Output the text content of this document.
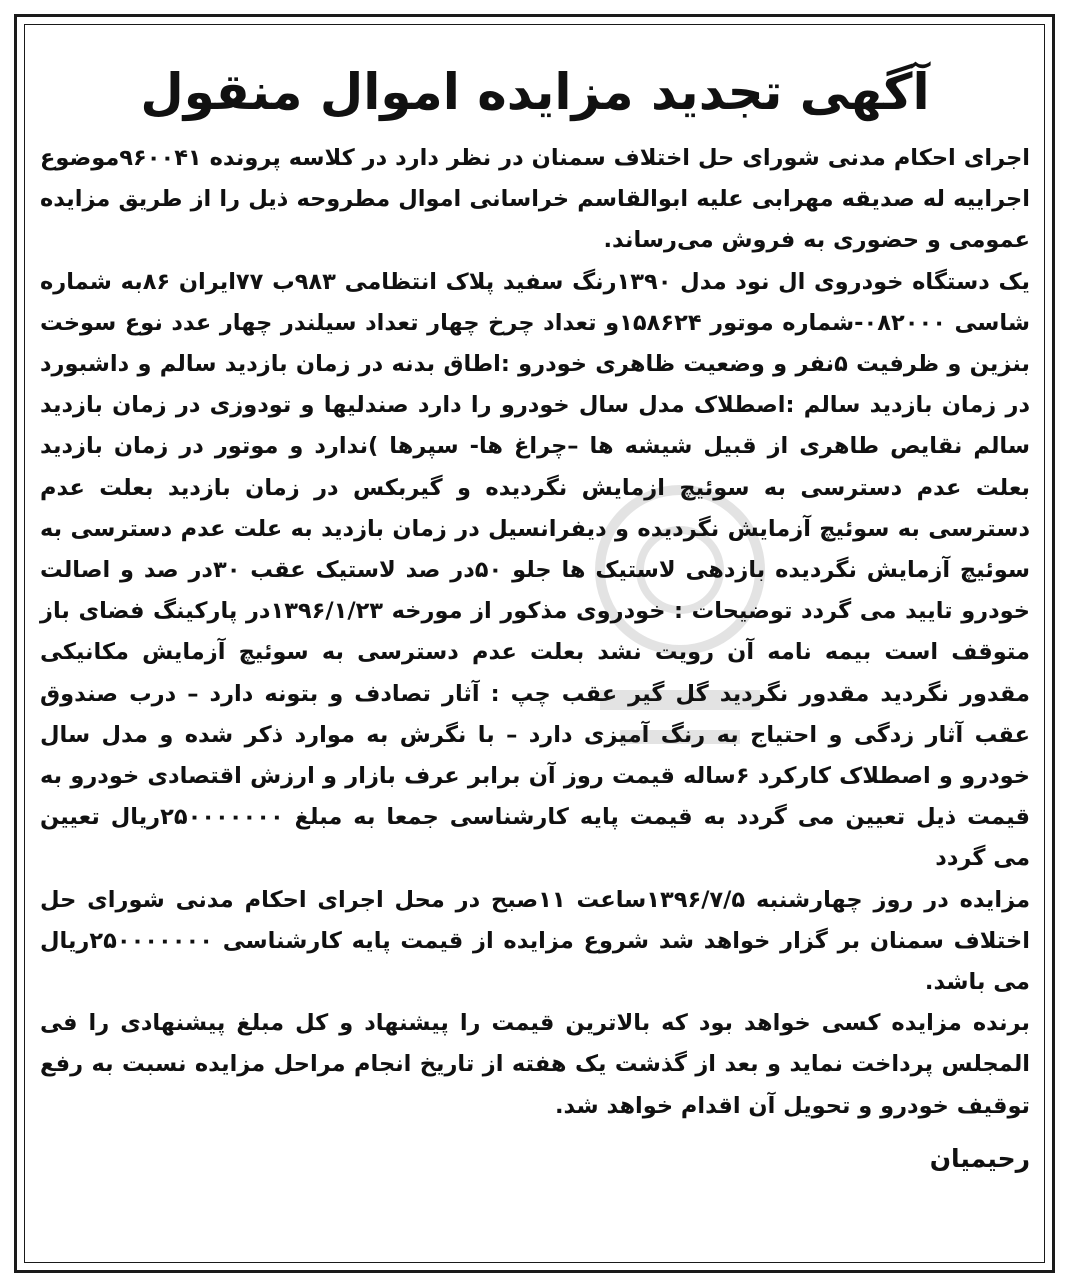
آگهی تجدید مزایده اموال منقول

اجرای احکام مدنی شورای حل اختلاف سمنان در نظر دارد در کلاسه پرونده ۹۶۰۰۴۱موضوع اجراییه له صدیقه مهرابی علیه ابوالقاسم خراسانی اموال مطروحه ذیل را از طریق مزایده عمومی و حضوری به فروش می‌رساند.

یک دستگاه خودروی ال نود مدل ۱۳۹۰رنگ سفید پلاک انتظامی ۹۸۳ب ۷۷ایران ۸۶به شماره شاسی ۰۸۲۰۰۰-شماره موتور ۱۵۸۶۲۴و تعداد چرخ چهار تعداد سیلندر چهار عدد نوع سوخت بنزین و ظرفیت ۵نفر و وضعیت ظاهری خودرو :اطاق بدنه در زمان بازدید سالم و داشبورد در زمان بازدید سالم :اصطلاک مدل سال خودرو را دارد صندلیها و تودوزی در زمان بازدید سالم نقایص طاهری از قبیل شیشه ها –چراغ ها- سپرها )ندارد و موتور در زمان بازدید بعلت عدم دسترسی به سوئیچ ازمایش نگردیده و گیربکس در زمان بازدید بعلت عدم دسترسی به سوئیچ آزمایش نگردیده و دیفرانسیل در زمان بازدید به علت عدم دسترسی به سوئیچ آزمایش نگردیده بازدهی لاستیک ها جلو ۵۰در صد لاستیک عقب ۳۰در صد و اصالت خودرو تایید می گردد توضیحات : خودروی مذکور از مورخه ۱۳۹۶/۱/۲۳در پارکینگ فضای باز متوقف است بیمه نامه آن رویت نشد بعلت عدم دسترسی به سوئیچ آزمایش مکانیکی مقدور نگردید مقدور نگردید گل گیر عقب چپ : آثار تصادف و بتونه دارد – درب صندوق عقب آثار زدگی و احتیاج به رنگ آمیزی دارد – با نگرش به موارد ذکر شده و مدل سال خودرو و اصطلاک کارکرد ۶ساله قیمت روز آن برابر عرف بازار و ارزش اقتصادی خودرو به قیمت ذیل تعیین می گردد به قیمت پایه کارشناسی جمعا به مبلغ ۲۵۰۰۰۰۰۰۰ریال تعیین می گردد

مزایده در روز چهارشنبه ۱۳۹۶/۷/۵ساعت ۱۱صبح در محل اجرای احکام مدنی شورای حل اختلاف سمنان بر گزار خواهد شد شروع مزایده از قیمت پایه کارشناسی ۲۵۰۰۰۰۰۰۰ریال می باشد.

برنده مزایده کسی خواهد بود که بالاترین قیمت را پیشنهاد و کل مبلغ پیشنهادی را فی المجلس پرداخت نماید و بعد از گذشت یک هفته از تاریخ انجام مراحل مزایده نسبت به رفع توقیف خودرو و تحویل آن اقدام خواهد شد.

رحیمیان
